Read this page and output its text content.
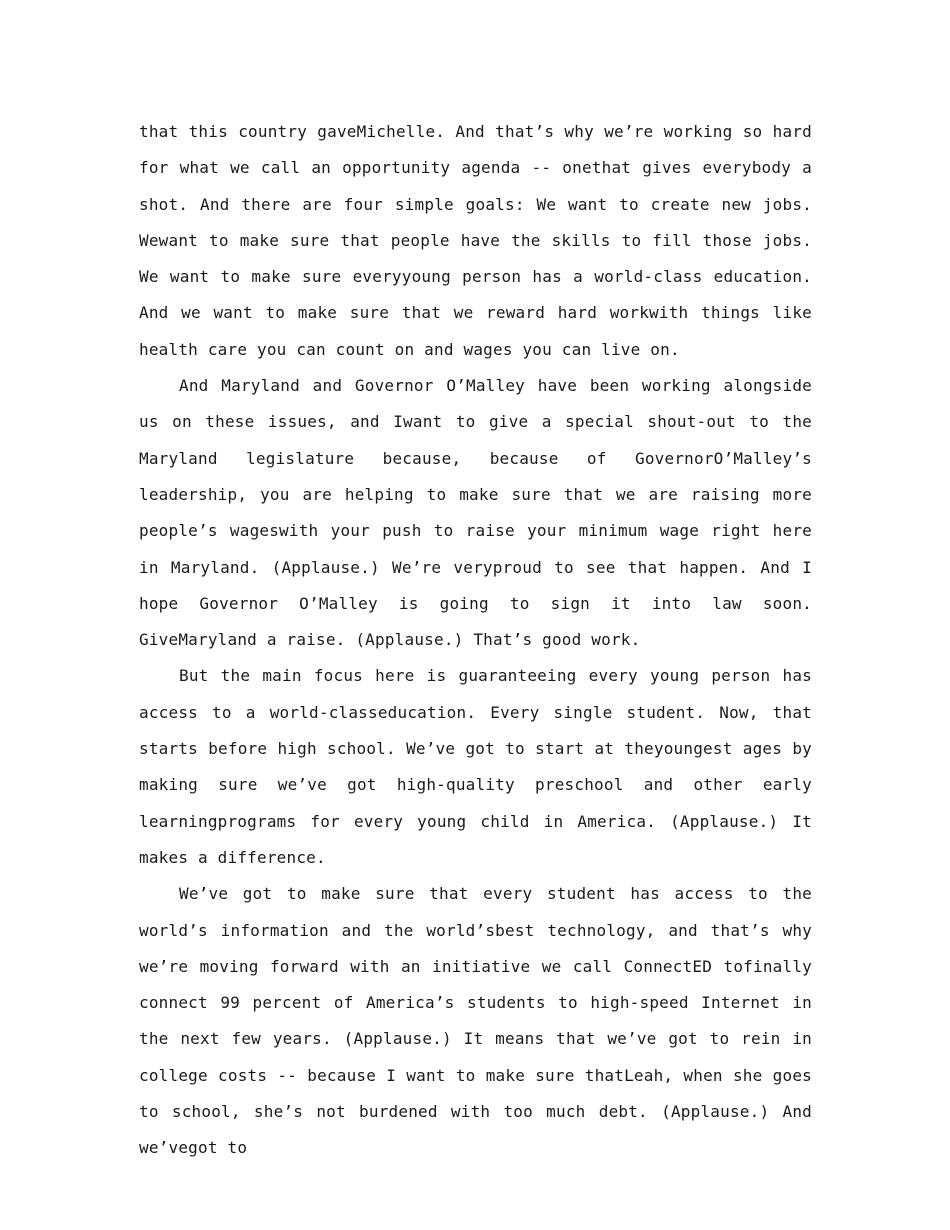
that this country gaveMichelle. And that’s why we’re working so hard for what we call an opportunity agenda -- onethat gives everybody a shot. And there are four simple goals: We want to create new jobs. Wewant to make sure that people have the skills to fill those jobs. We want to make sure everyyoung person has a world-class education. And we want to make sure that we reward hard workwith things like health care you can count on and wages you can live on.

And Maryland and Governor O’Malley have been working alongside us on these issues, and Iwant to give a special shout-out to the Maryland legislature because, because of GovernorO’Malley’s leadership, you are helping to make sure that we are raising more people’s wageswith your push to raise your minimum wage right here in Maryland. (Applause.) We’re veryproud to see that happen. And I hope Governor O’Malley is going to sign it into law soon. GiveMaryland a raise. (Applause.) That’s good work.

But the main focus here is guaranteeing every young person has access to a world-classeducation. Every single student. Now, that starts before high school. We’ve got to start at theyoungest ages by making sure we’ve got high-quality preschool and other early learningprograms for every young child in America. (Applause.) It makes a difference.

We’ve got to make sure that every student has access to the world’s information and the world’sbest technology, and that’s why we’re moving forward with an initiative we call ConnectED tofinally connect 99 percent of America’s students to high-speed Internet in the next few years. (Applause.) It means that we’ve got to rein in college costs -- because I want to make sure thatLeah, when she goes to school, she’s not burdened with too much debt. (Applause.) And we’vegot to
